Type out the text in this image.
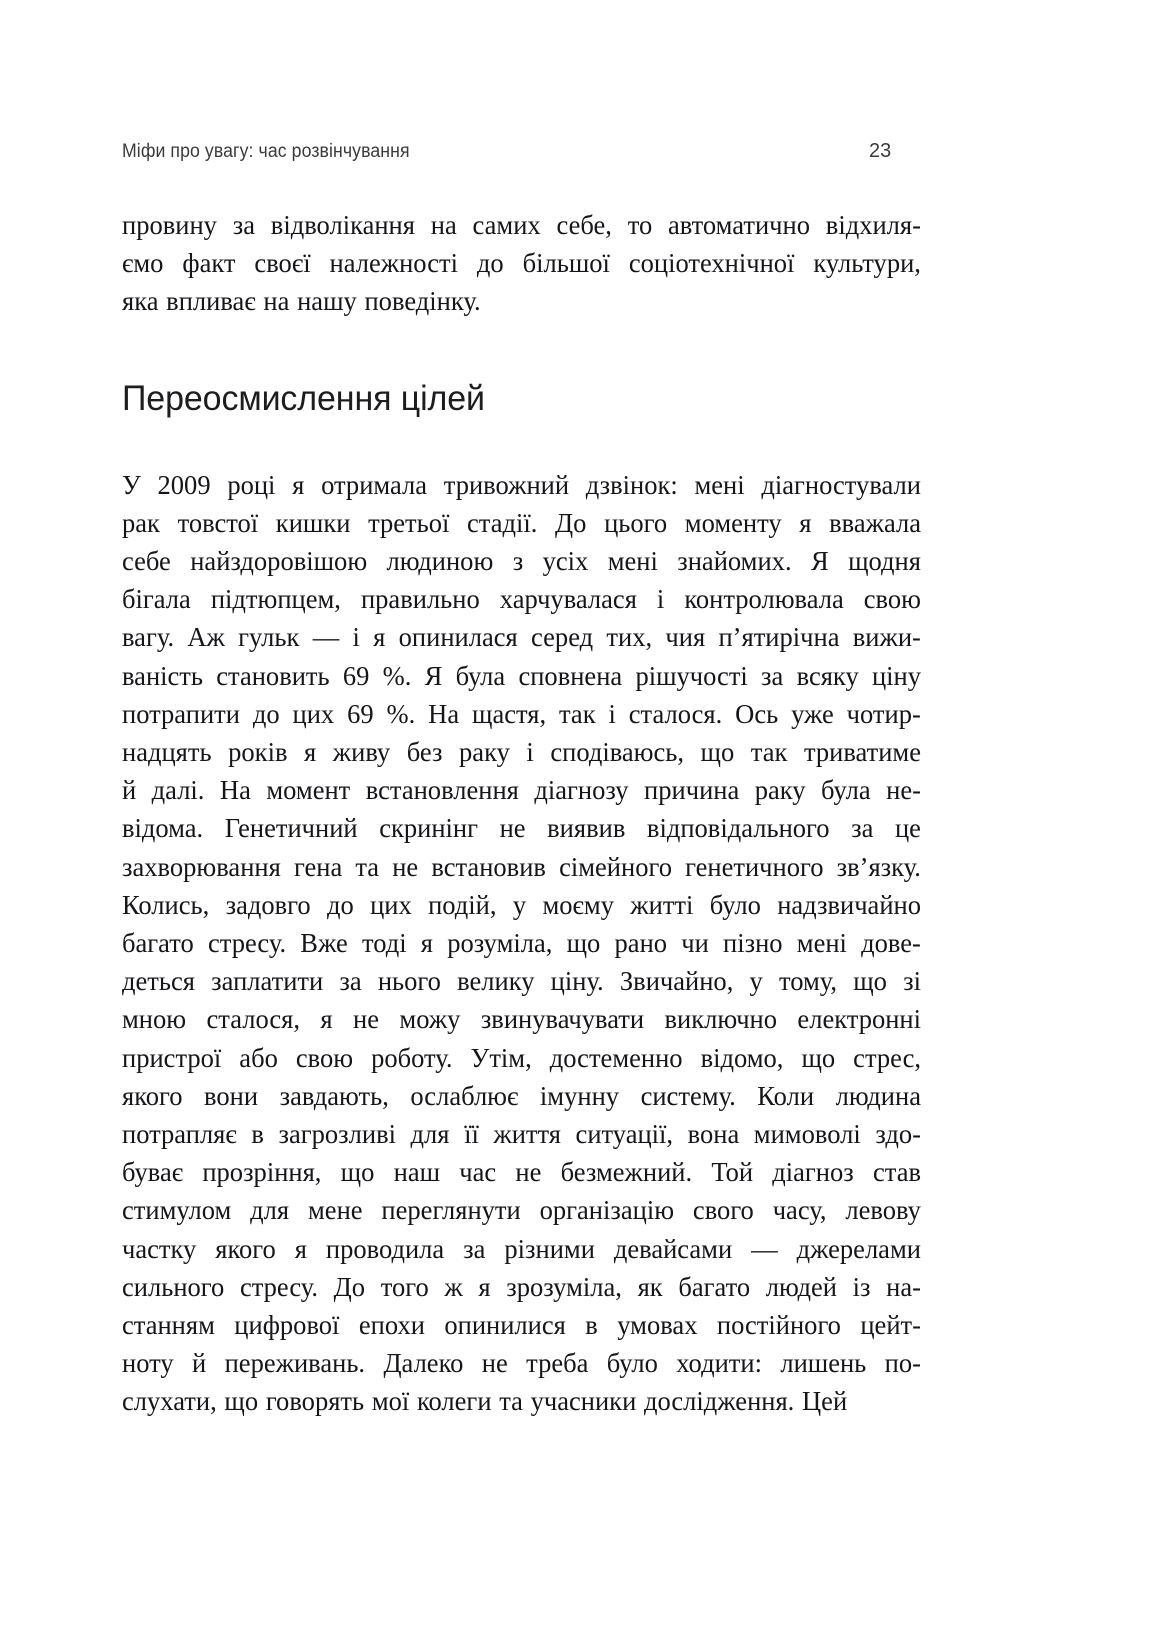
Міфи про увагу: час розвінчування	23
провину за відволікання на самих себе, то автоматично відхиля-
ємо факт своєї належності до більшої соціотехнічної культури,
яка впливає на нашу поведінку.
Переосмислення цілей
У 2009 році я отримала тривожний дзвінок: мені діагностували
рак товстої кишки третьої стадії. До цього моменту я вважала
себе найздоровішою людиною з усіх мені знайомих. Я щодня
бігала підтюпцем, правильно харчувалася і контролювала свою
вагу. Аж гульк — і я опинилася серед тих, чия п’ятирічна вижи-
ваність становить 69 %. Я була сповнена рішучості за всяку ціну
потрапити до цих 69 %. На щастя, так і сталося. Ось уже чотир-
надцять років я живу без раку і сподіваюсь, що так триватиме
й далі. На момент встановлення діагнозу причина раку була не-
відома. Генетичний скринінг не виявив відповідального за це
захворювання гена та не встановив сімейного генетичного зв’язку.
Колись, задовго до цих подій, у моєму житті було надзвичайно
багато стресу. Вже тоді я розуміла, що рано чи пізно мені дове-
деться заплатити за нього велику ціну. Звичайно, у тому, що зі
мною сталося, я не можу звинувачувати виключно електронні
пристрої або свою роботу. Утім, достеменно відомо, що стрес,
якого вони завдають, ослаблює імунну систему. Коли людина
потрапляє в загрозливі для її життя ситуації, вона мимоволі здо-
буває прозріння, що наш час не безмежний. Той діагноз став
стимулом для мене переглянути організацію свого часу, левову
частку якого я проводила за різними девайсами — джерелами
сильного стресу. До того ж я зрозуміла, як багато людей із на-
станням цифрової епохи опинилися в умовах постійного цейт-
ноту й переживань. Далеко не треба було ходити: лишень по-
слухати, що говорять мої колеги та учасники дослідження. Цей
